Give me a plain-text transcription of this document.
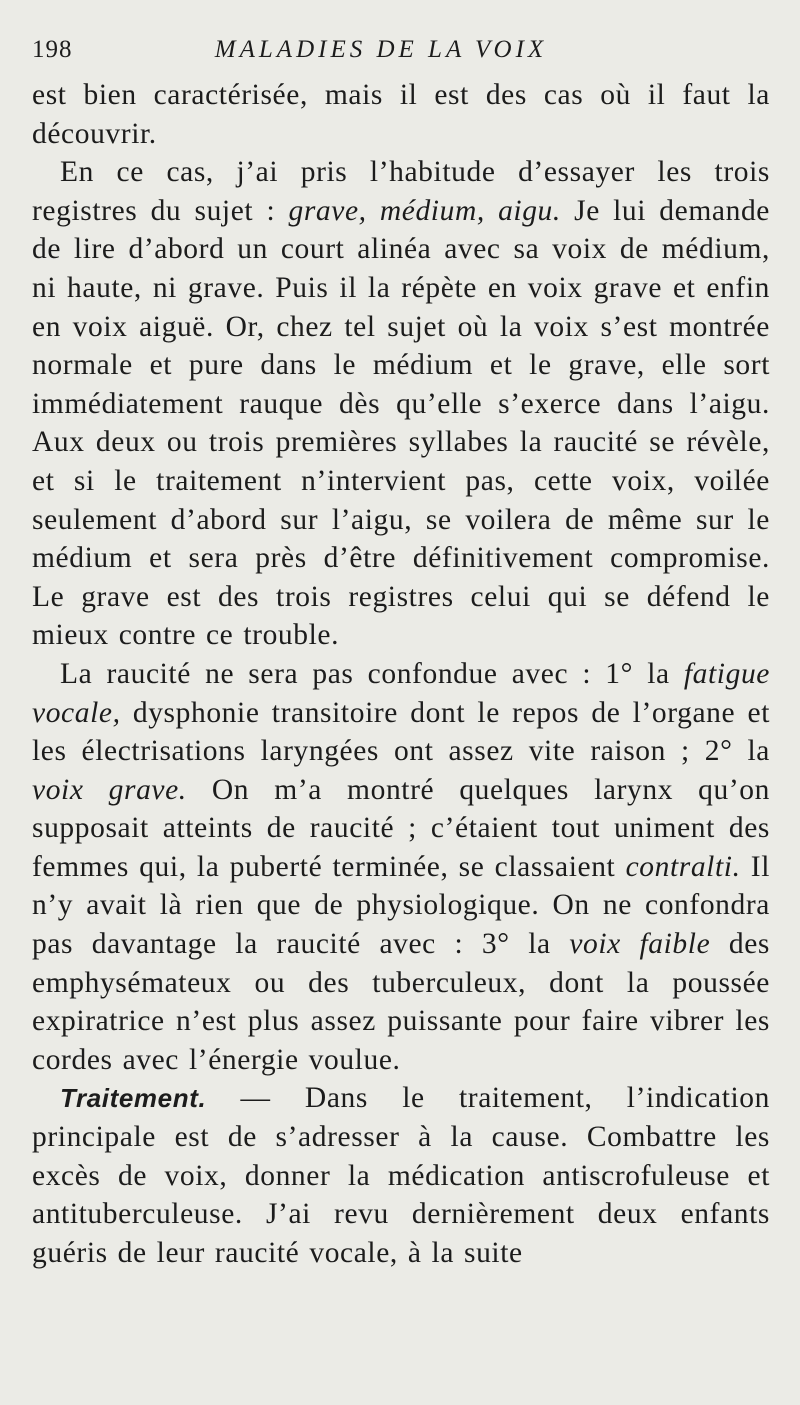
198	MALADIES DE LA VOIX

est bien caractérisée, mais il est des cas où il faut la découvrir.

En ce cas, j’ai pris l’habitude d’essayer les trois registres du sujet : grave, médium, aigu. Je lui demande de lire d’abord un court alinéa avec sa voix de médium, ni haute, ni grave. Puis il la répète en voix grave et enfin en voix aiguë. Or, chez tel sujet où la voix s’est montrée normale et pure dans le médium et le grave, elle sort immédiatement rauque dès qu’elle s’exerce dans l’aigu. Aux deux ou trois premières syllabes la raucité se révèle, et si le traitement n’intervient pas, cette voix, voilée seulement d’abord sur l’aigu, se voilera de même sur le médium et sera près d’être définitivement compromise. Le grave est des trois registres celui qui se défend le mieux contre ce trouble.

La raucité ne sera pas confondue avec : 1° la fatigue vocale, dysphonie transitoire dont le repos de l’organe et les électrisations laryngées ont assez vite raison ; 2° la voix grave. On m’a montré quelques larynx qu’on supposait atteints de raucité ; c’étaient tout uniment des femmes qui, la puberté terminée, se classaient contralti. Il n’y avait là rien que de physiologique. On ne confondra pas davantage la raucité avec : 3° la voix faible des emphysémateux ou des tuberculeux, dont la poussée expiratrice n’est plus assez puissante pour faire vibrer les cordes avec l’énergie voulue.

Traitement. — Dans le traitement, l’indication principale est de s’adresser à la cause. Combattre les excès de voix, donner la médication antiscrofuleuse et antituberculeuse. J’ai revu dernièrement deux enfants guéris de leur raucité vocale, à la suite
